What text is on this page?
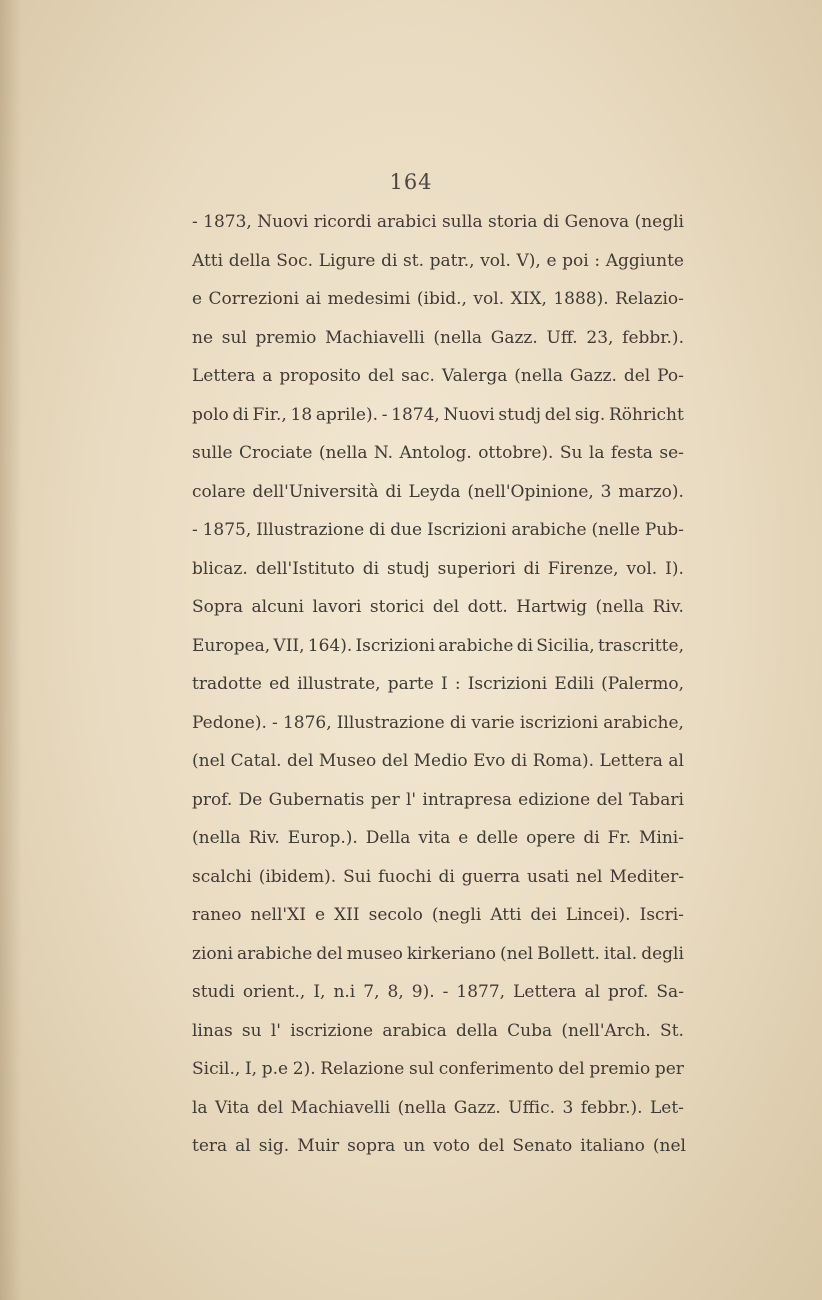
164
- 1873, Nuovi ricordi arabici sulla storia di Genova (negli
Atti della Soc. Ligure di st. patr., vol. V), e poi : Aggiunte
e Correzioni ai medesimi (ibid., vol. XIX, 1888). Relazio-
ne sul premio Machiavelli (nella Gazz. Uff. 23, febbr.).
Lettera a proposito del sac. Valerga (nella Gazz. del Po-
polo di Fir., 18 aprile). - 1874, Nuovi studj del sig. Röhricht
sulle Crociate (nella N. Antolog. ottobre). Su la festa se-
colare dell'Università di Leyda (nell'Opinione, 3 marzo).
- 1875, Illustrazione di due Iscrizioni arabiche (nelle Pub-
blicaz. dell'Istituto di studj superiori di Firenze, vol. I).
Sopra alcuni lavori storici del dott. Hartwig (nella Riv.
Europea, VII, 164). Iscrizioni arabiche di Sicilia, trascritte,
tradotte ed illustrate, parte I : Iscrizioni Edili (Palermo,
Pedone). - 1876, Illustrazione di varie iscrizioni arabiche,
(nel Catal. del Museo del Medio Evo di Roma). Lettera al
prof. De Gubernatis per l' intrapresa edizione del Tabari
(nella Riv. Europ.). Della vita e delle opere di Fr. Mini-
scalchi (ibidem). Sui fuochi di guerra usati nel Mediter-
raneo nell'XI e XII secolo (negli Atti dei Lincei). Iscri-
zioni arabiche del museo kirkeriano (nel Bollett. ital. degli
studi orient., I, n.i 7, 8, 9). - 1877, Lettera al prof. Sa-
linas su l' iscrizione arabica della Cuba (nell'Arch. St.
Sicil., I, p.e 2). Relazione sul conferimento del premio per
la Vita del Machiavelli (nella Gazz. Uffic. 3 febbr.). Let-
tera al sig. Muir sopra un voto del Senato italiano (nel
